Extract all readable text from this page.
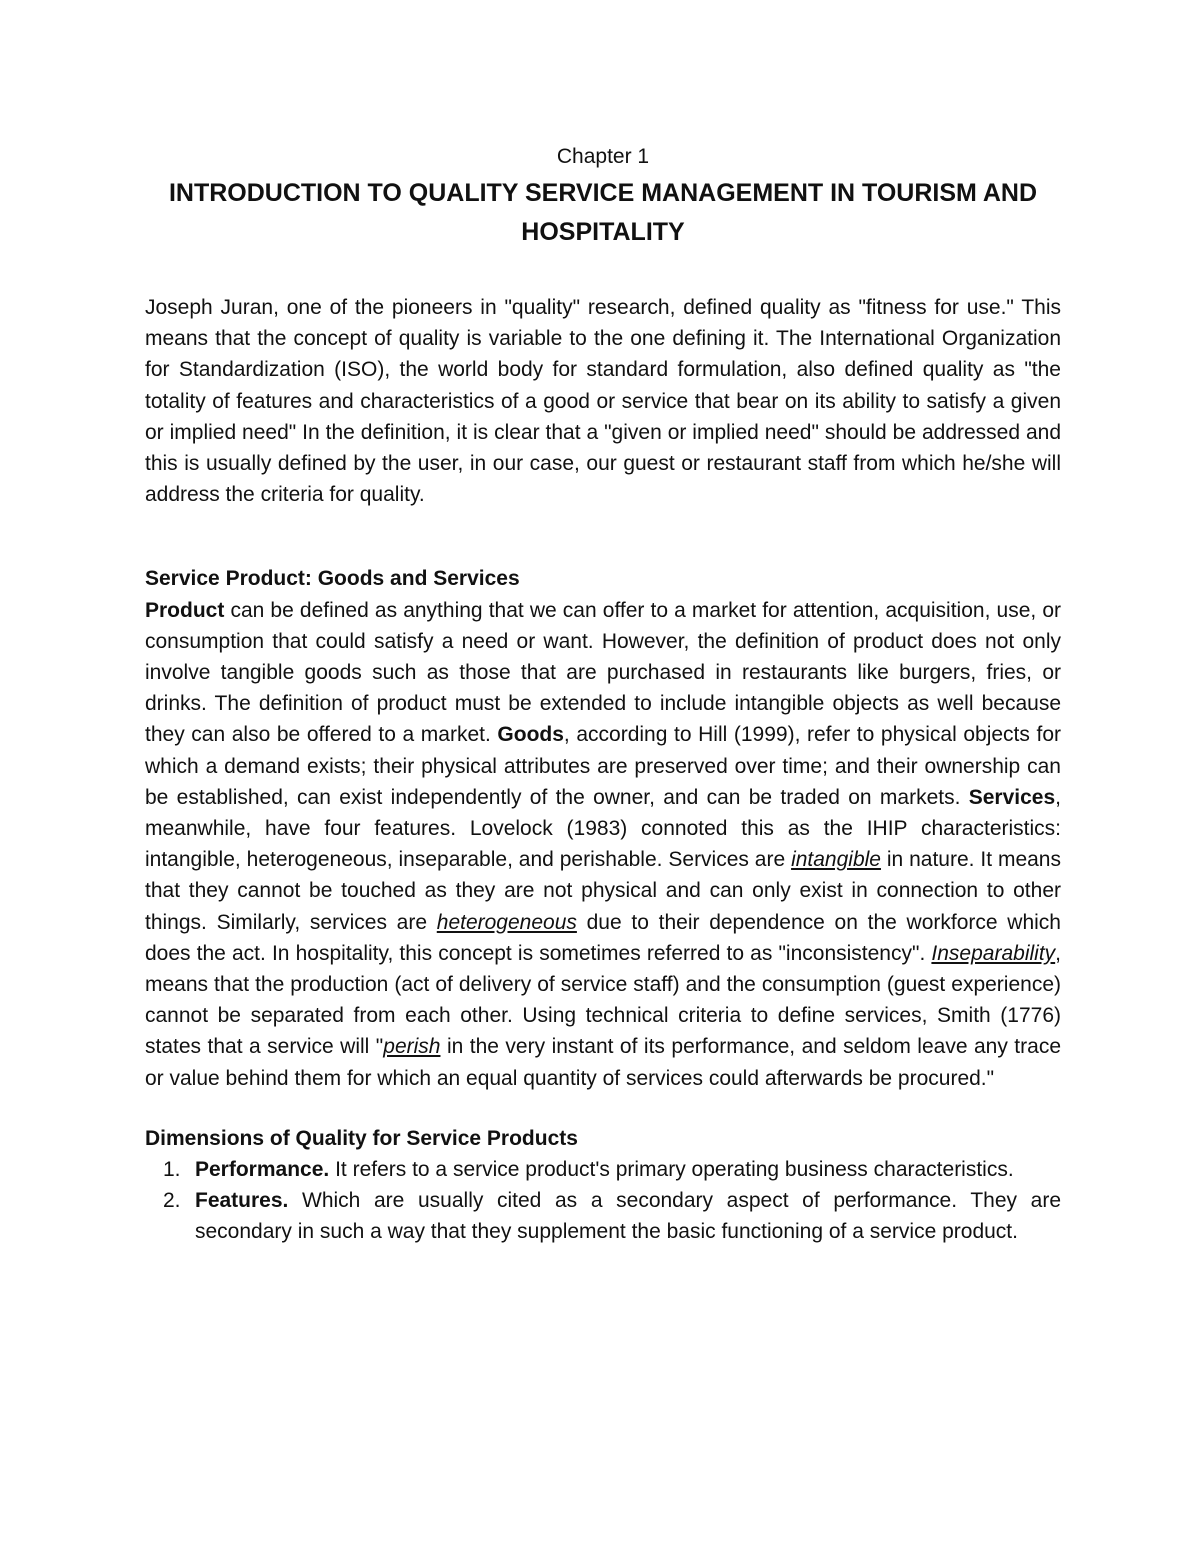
Chapter 1

INTRODUCTION TO QUALITY SERVICE MANAGEMENT IN TOURISM AND HOSPITALITY

Joseph Juran, one of the pioneers in "quality" research, defined quality as "fitness for use." This means that the concept of quality is variable to the one defining it. The International Organization for Standardization (ISO), the world body for standard formulation, also defined quality as "the totality of features and characteristics of a good or service that bear on its ability to satisfy a given or implied need" In the definition, it is clear that a "given or implied need" should be addressed and this is usually defined by the user, in our case, our guest or restaurant staff from which he/she will address the criteria for quality.

Service Product: Goods and Services

Product can be defined as anything that we can offer to a market for attention, acquisition, use, or consumption that could satisfy a need or want. However, the definition of product does not only involve tangible goods such as those that are purchased in restaurants like burgers, fries, or drinks. The definition of product must be extended to include intangible objects as well because they can also be offered to a market. Goods, according to Hill (1999), refer to physical objects for which a demand exists; their physical attributes are preserved over time; and their ownership can be established, can exist independently of the owner, and can be traded on markets. Services, meanwhile, have four features. Lovelock (1983) connoted this as the IHIP characteristics: intangible, heterogeneous, inseparable, and perishable. Services are intangible in nature. It means that they cannot be touched as they are not physical and can only exist in connection to other things. Similarly, services are heterogeneous due to their dependence on the workforce which does the act. In hospitality, this concept is sometimes referred to as "inconsistency". Inseparability, means that the production (act of delivery of service staff) and the consumption (guest experience) cannot be separated from each other. Using technical criteria to define services, Smith (1776) states that a service will "perish in the very instant of its performance, and seldom leave any trace or value behind them for which an equal quantity of services could afterwards be procured."

Dimensions of Quality for Service Products
1. Performance. It refers to a service product's primary operating business characteristics.
2. Features. Which are usually cited as a secondary aspect of performance. They are secondary in such a way that they supplement the basic functioning of a service product.
